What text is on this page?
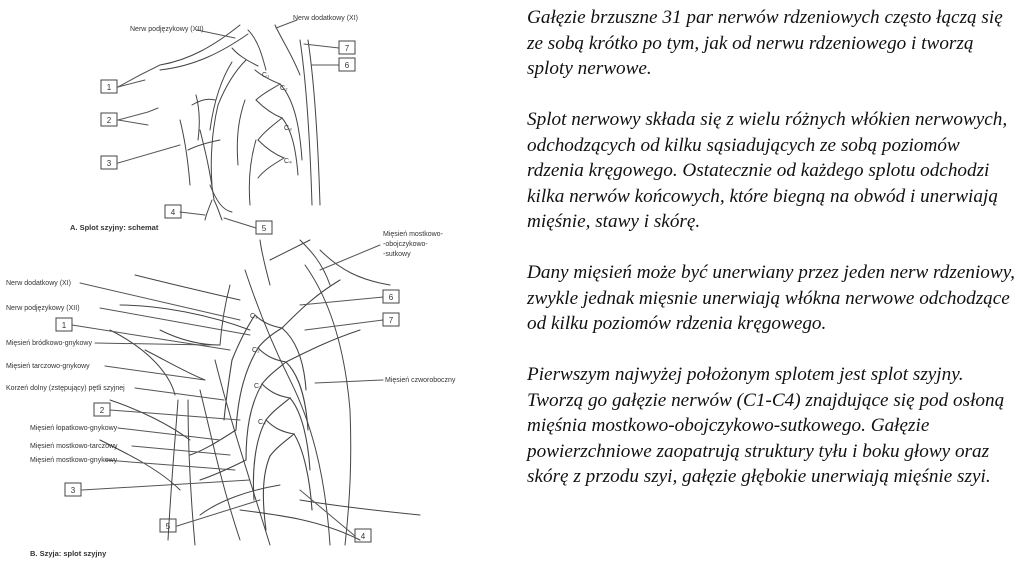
Nerw podjęzykowy (XII)
Nerw dodatkowy (XI)
C₁
C₂
C₃
C₄
A. Splot szyjny: schemat
1
2
3
4
5
6
7
Nerw dodatkowy (XI)
Nerw podjęzykowy (XII)
Mięsień bródkowo-gnykowy
Mięsień tarczowo-gnykowy
Korzeń dolny (zstępujący) pętli szyjnej
Mięsień łopatkowo-gnykowy
Mięsień mostkowo-tarczowy
Mięsień mostkowo-gnykowy
Mięsień mostkowo-
-obojczykowo-
-sutkowy
Mięsień czworoboczny
C₁
C₂
C₃
C₄
B. Szyja: splot szyjny
1
2
3
4
5
6
7

Gałęzie brzuszne 31 par nerwów rdzeniowych często łączą się ze sobą krótko po tym, jak od nerwu rdzeniowego i tworzą sploty nerwowe.

Splot nerwowy składa się z wielu różnych włókien nerwowych, odchodzących od kilku sąsiadujących ze sobą poziomów rdzenia kręgowego. Ostatecznie od każdego splotu odchodzi kilka nerwów końcowych, które biegną na obwód i unerwiają mięśnie, stawy i skórę.

Dany mięsień może być unerwiany przez jeden nerw rdzeniowy, zwykle jednak mięsnie unerwiają włókna nerwowe odchodzące od kilku poziomów rdzenia kręgowego.

Pierwszym najwyżej położonym splotem jest splot szyjny. Tworzą go gałęzie nerwów (C1-C4) znajdujące się pod osłoną mięśnia mostkowo-obojczykowo-sutkowego. Gałęzie powierzchniowe zaopatrują struktury tyłu i boku głowy oraz skórę z przodu szyi, gałęzie głębokie unerwiają mięśnie szyi.
